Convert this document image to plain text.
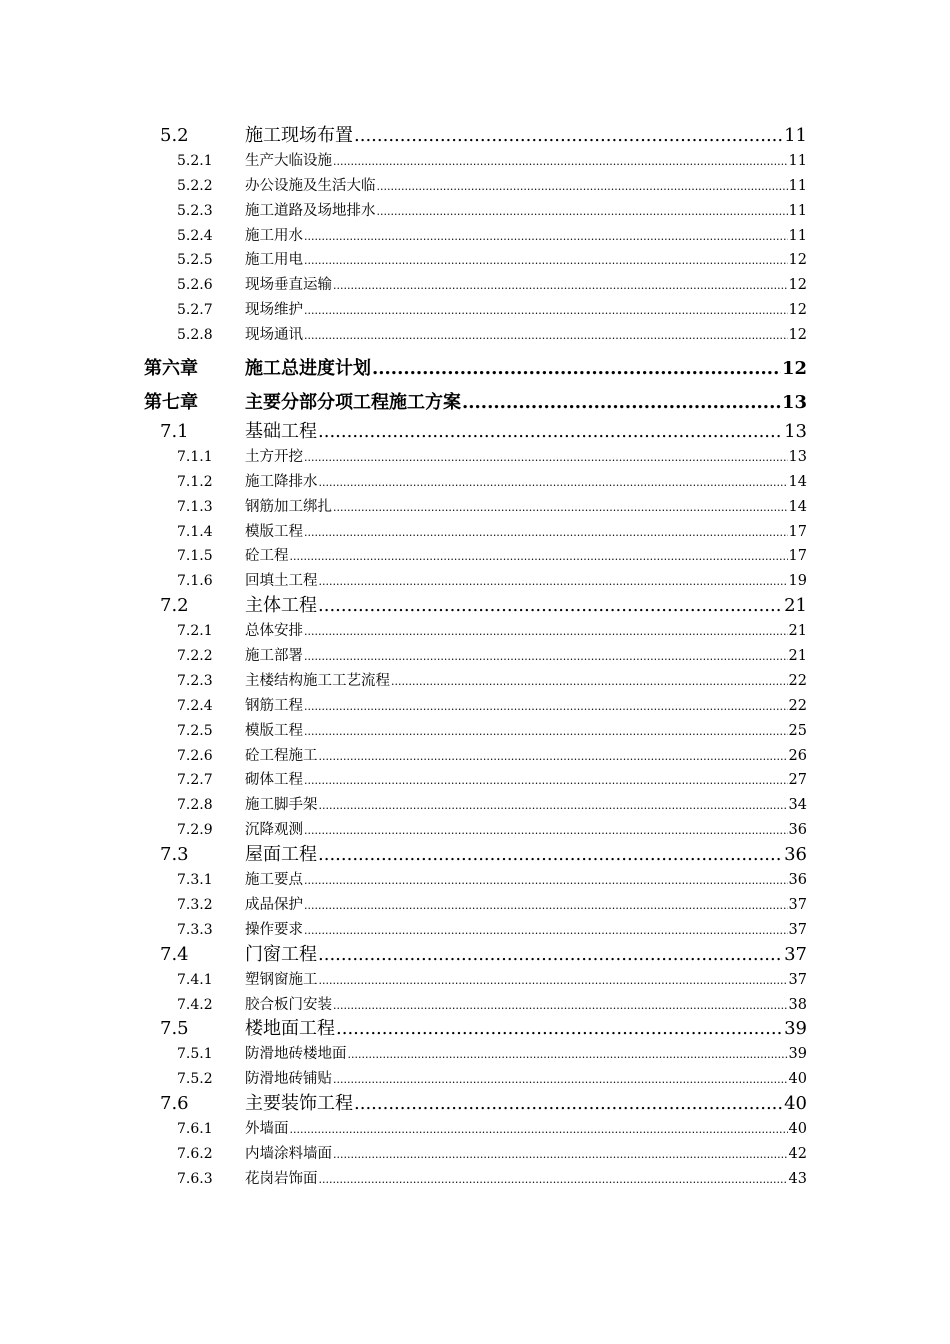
5.2	施工现场布置 .....	11
5.2.1 生产大临设施 .....	11
5.2.2 办公设施及生活大临 .....	11
5.2.3 施工道路及场地排水 .....	11
5.2.4 施工用水 .....	11
5.2.5 施工用电 .....	12
5.2.6 现场垂直运输 .....	12
5.2.7 现场维护 .....	12
5.2.8 现场通讯 .....	12
第六章	施工总进度计划 .....	12
第七章	主要分部分项工程施工方案 .....	13
7.1	基础工程 .....	13
7.1.1 土方开挖 .....	13
7.1.2 施工降排水 .....	14
7.1.3 钢筋加工绑扎 .....	14
7.1.4 模版工程 .....	17
7.1.5 砼工程 .....	17
7.1.6 回填土工程 .....	19
7.2	主体工程 .....	21
7.2.1 总体安排 .....	21
7.2.2 施工部署 .....	21
7.2.3 主楼结构施工工艺流程 .....	22
7.2.4 钢筋工程 .....	22
7.2.5 模版工程 .....	25
7.2.6 砼工程施工 .....	26
7.2.7 砌体工程 .....	27
7.2.8 施工脚手架 .....	34
7.2.9 沉降观测 .....	36
7.3	屋面工程 .....	36
7.3.1 施工要点 .....	36
7.3.2 成品保护 .....	37
7.3.3 操作要求 .....	37
7.4	门窗工程 .....	37
7.4.1 塑钢窗施工 .....	37
7.4.2 胶合板门安装 .....	38
7.5	楼地面工程 .....	39
7.5.1 防滑地砖楼地面 .....	39
7.5.2 防滑地砖铺贴 .....	40
7.6	主要装饰工程 .....	40
7.6.1 外墙面 .....	40
7.6.2 内墙涂料墙面 .....	42
7.6.3 花岗岩饰面 .....	43
